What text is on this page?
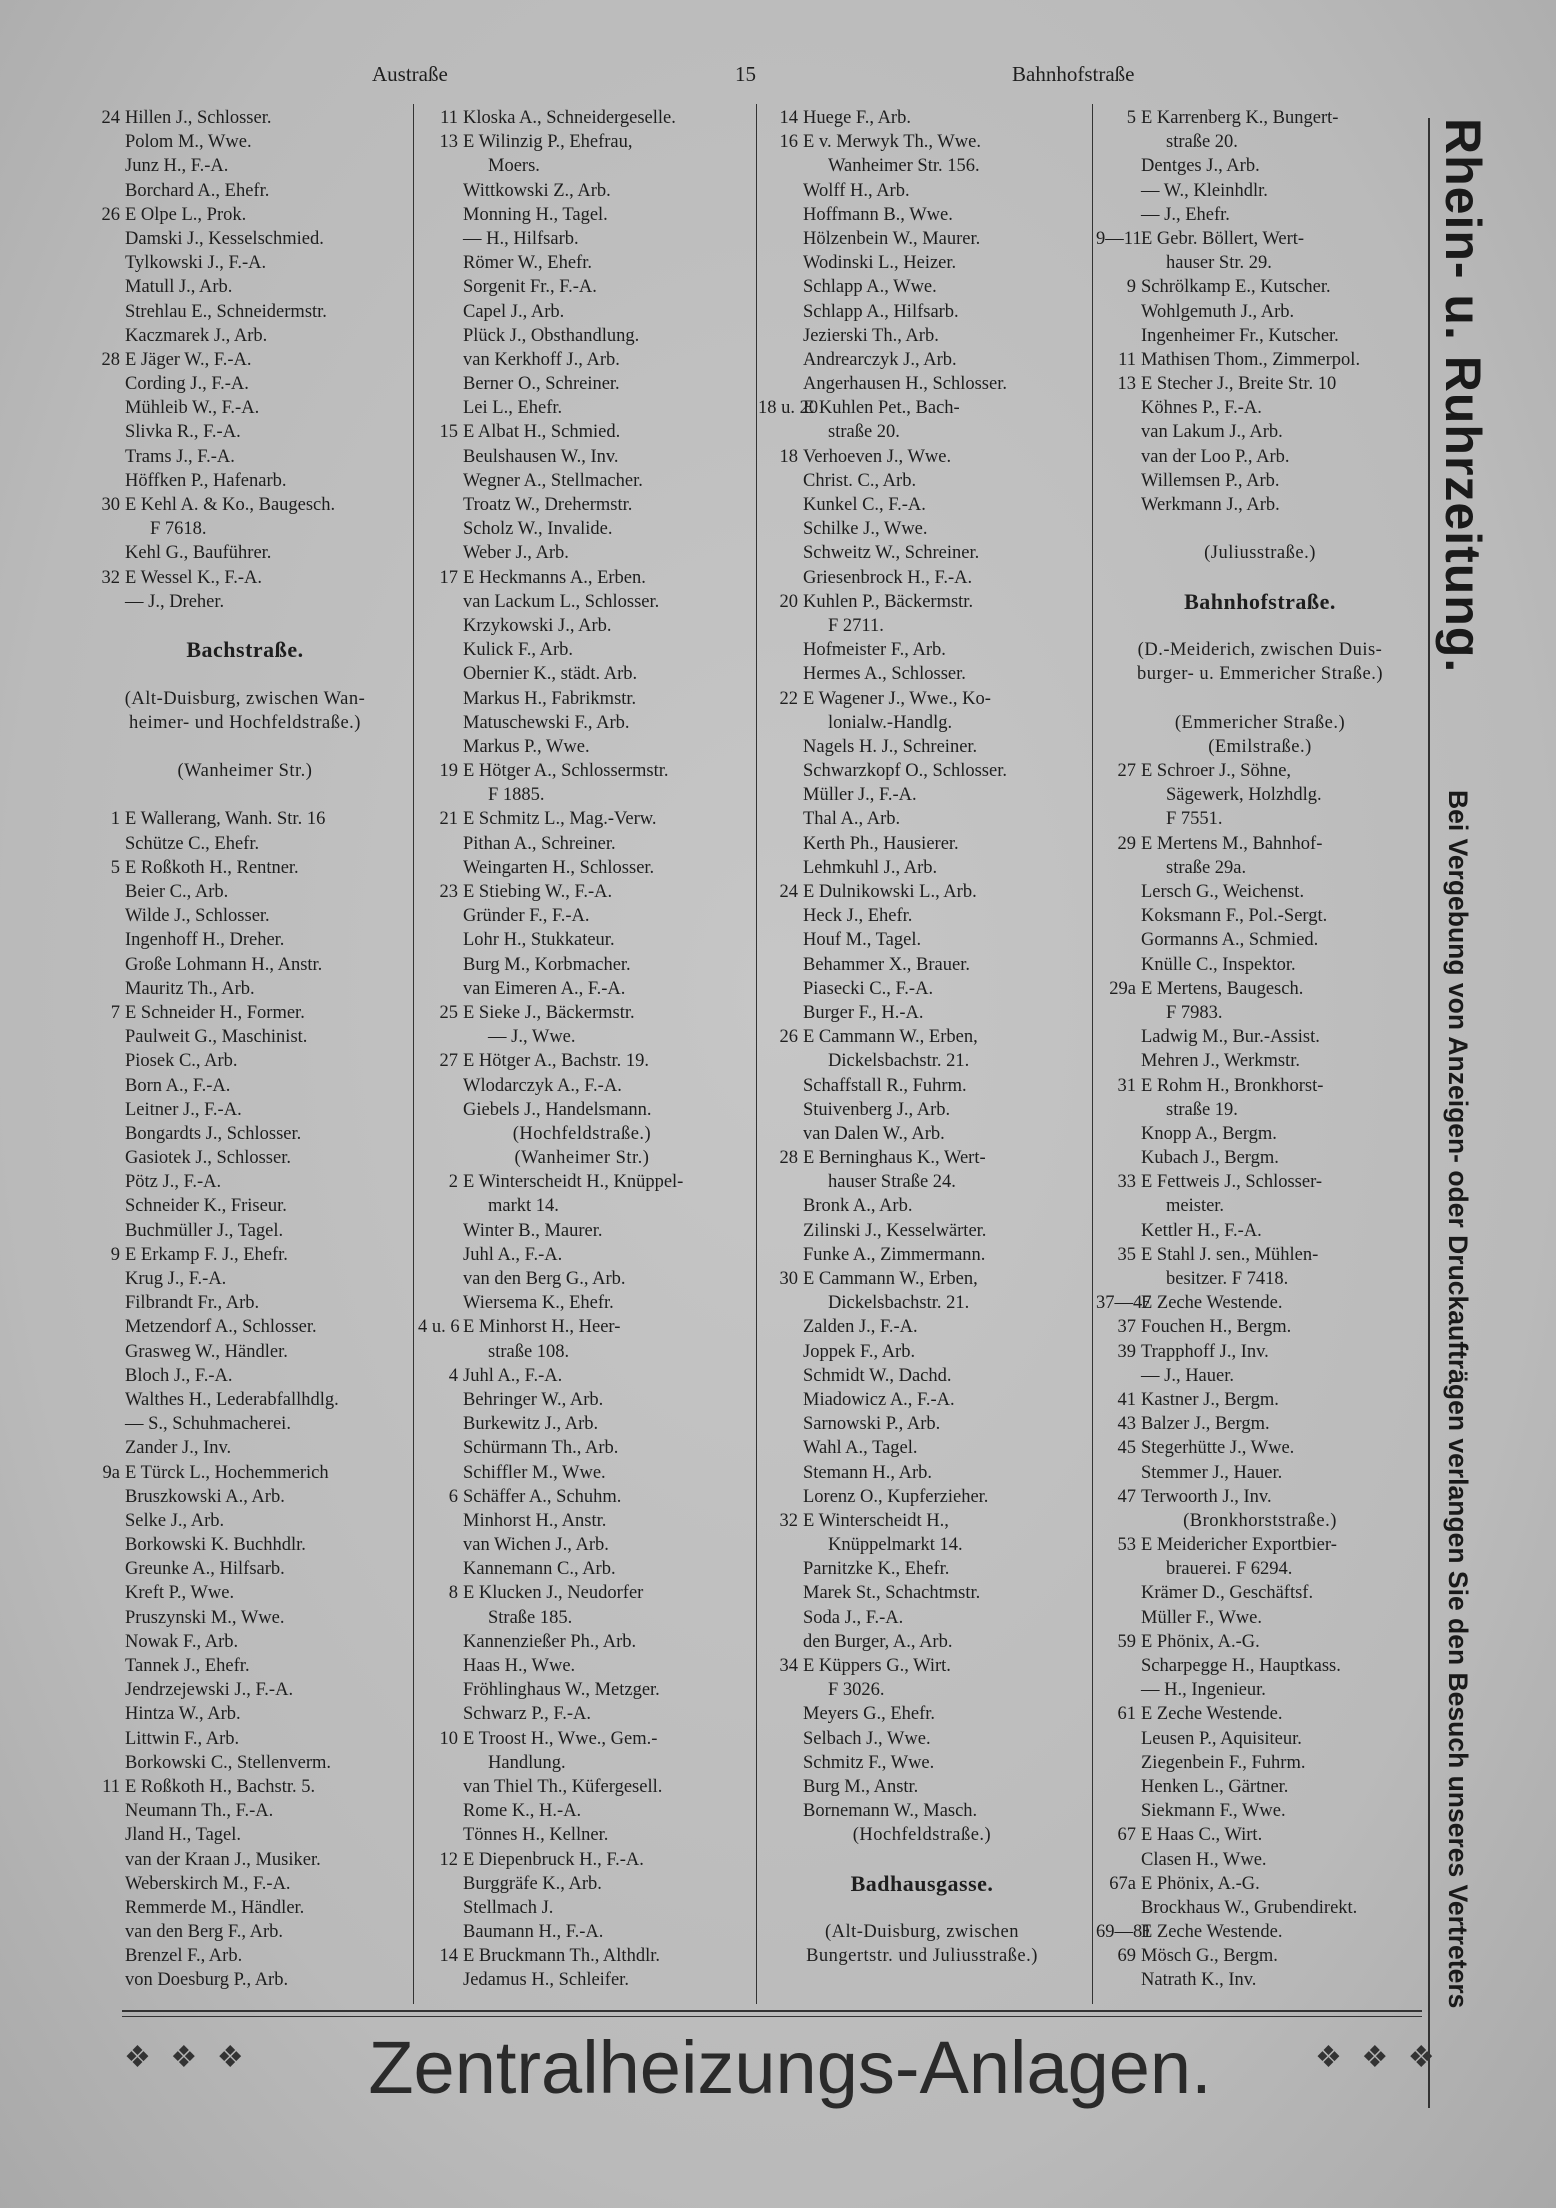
Austraße	15	Bahnhofstraße
24 Hillen J., Schlosser.
Polom M., Wwe.
Junz H., F.-A.
Borchard A., Ehefr.
26 E Olpe L., Prok.
Damski J., Kesselschmied.
Tylkowski J., F.-A.
Matull J., Arb.
Strehlau E., Schneidermstr.
Kaczmarek J., Arb.
28 E Jäger W., F.-A.
Cording J., F.-A.
Mühleib W., F.-A.
Slivka R., F.-A.
Trams J., F.-A.
Höffken P., Hafenarb.
30 E Kehl A. & Ko., Baugesch.
F 7618.
Kehl G., Bauführer.
32 E Wessel K., F.-A.
— J., Dreher.
Bachstraße.
(Alt-Duisburg, zwischen Wan-
heimer- und Hochfeldstraße.)
(Wanheimer Str.)
1 E Wallerang, Wanh. Str. 16
Schütze C., Ehefr.
5 E Roßkoth H., Rentner.
Beier C., Arb.
Wilde J., Schlosser.
Ingenhoff H., Dreher.
Große Lohmann H., Anstr.
Mauritz Th., Arb.
7 E Schneider H., Former.
Paulweit G., Maschinist.
Piosek C., Arb.
Born A., F.-A.
Leitner J., F.-A.
Bongardts J., Schlosser.
Gasiotek J., Schlosser.
Pötz J., F.-A.
Schneider K., Friseur.
Buchmüller J., Tagel.
9 E Erkamp F. J., Ehefr.
Krug J., F.-A.
Filbrandt Fr., Arb.
Metzendorf A., Schlosser.
Grasweg W., Händler.
Bloch J., F.-A.
Walthes H., Lederabfallhdlg.
— S., Schuhmacherei.
Zander J., Inv.
9a E Türck L., Hochemmerich
Bruszkowski A., Arb.
Selke J., Arb.
Borkowski K. Buchhdlr.
Greunke A., Hilfsarb.
Kreft P., Wwe.
Pruszynski M., Wwe.
Nowak F., Arb.
Tannek J., Ehefr.
Jendrzejewski J., F.-A.
Hintza W., Arb.
Littwin F., Arb.
Borkowski C., Stellenverm.
11 E Roßkoth H., Bachstr. 5.
Neumann Th., F.-A.
Jland H., Tagel.
van der Kraan J., Musiker.
Weberskirch M., F.-A.
Remmerde M., Händler.
van den Berg F., Arb.
Brenzel F., Arb.
von Doesburg P., Arb.
11 Kloska A., Schneidergeselle.
13 E Wilinzig P., Ehefrau,
Moers.
Wittkowski Z., Arb.
Monning H., Tagel.
— H., Hilfsarb.
Römer W., Ehefr.
Sorgenit Fr., F.-A.
Capel J., Arb.
Plück J., Obsthandlung.
van Kerkhoff J., Arb.
Berner O., Schreiner.
Lei L., Ehefr.
15 E Albat H., Schmied.
Beulshausen W., Inv.
Wegner A., Stellmacher.
Troatz W., Drehermstr.
Scholz W., Invalide.
Weber J., Arb.
17 E Heckmanns A., Erben.
van Lackum L., Schlosser.
Krzykowski J., Arb.
Kulick F., Arb.
Obernier K., städt. Arb.
Markus H., Fabrikmstr.
Matuschewski F., Arb.
Markus P., Wwe.
19 E Hötger A., Schlossermstr.
F 1885.
21 E Schmitz L., Mag.-Verw.
Pithan A., Schreiner.
Weingarten H., Schlosser.
23 E Stiebing W., F.-A.
Gründer F., F.-A.
Lohr H., Stukkateur.
Burg M., Korbmacher.
van Eimeren A., F.-A.
25 E Sieke J., Bäckermstr.
— J., Wwe.
27 E Hötger A., Bachstr. 19.
Wlodarczyk A., F.-A.
Giebels J., Handelsmann.
(Hochfeldstraße.)
(Wanheimer Str.)
2 E Winterscheidt H., Knüppel-
markt 14.
Winter B., Maurer.
Juhl A., F.-A.
van den Berg G., Arb.
Wiersema K., Ehefr.
4 u. 6 E Minhorst H., Heer-
straße 108.
4 Juhl A., F.-A.
Behringer W., Arb.
Burkewitz J., Arb.
Schürmann Th., Arb.
Schiffler M., Wwe.
6 Schäffer A., Schuhm.
Minhorst H., Anstr.
van Wichen J., Arb.
Kannemann C., Arb.
8 E Klucken J., Neudorfer
Straße 185.
Kannenzießer Ph., Arb.
Haas H., Wwe.
Fröhlinghaus W., Metzger.
Schwarz P., F.-A.
10 E Troost H., Wwe., Gem.-
Handlung.
van Thiel Th., Küfergesell.
Rome K., H.-A.
Tönnes H., Kellner.
12 E Diepenbruck H., F.-A.
Burggräfe K., Arb.
Stellmach J.
Baumann H., F.-A.
14 E Bruckmann Th., Althdlr.
Jedamus H., Schleifer.
14 Huege F., Arb.
16 E v. Merwyk Th., Wwe.
Wanheimer Str. 156.
Wolff H., Arb.
Hoffmann B., Wwe.
Hölzenbein W., Maurer.
Wodinski L., Heizer.
Schlapp A., Wwe.
Schlapp A., Hilfsarb.
Jezierski Th., Arb.
Andrearczyk J., Arb.
Angerhausen H., Schlosser.
18 u. 20E Kuhlen Pet., Bach-
straße 20.
18 Verhoeven J., Wwe.
Christ. C., Arb.
Kunkel C., F.-A.
Schilke J., Wwe.
Schweitz W., Schreiner.
Griesenbrock H., F.-A.
20 Kuhlen P., Bäckermstr.
F 2711.
Hofmeister F., Arb.
Hermes A., Schlosser.
22 E Wagener J., Wwe., Ko-
lonialw.-Handlg.
Nagels H. J., Schreiner.
Schwarzkopf O., Schlosser.
Müller J., F.-A.
Thal A., Arb.
Kerth Ph., Hausierer.
Lehmkuhl J., Arb.
24 E Dulnikowski L., Arb.
Heck J., Ehefr.
Houf M., Tagel.
Behammer X., Brauer.
Piasecki C., F.-A.
Burger F., H.-A.
26 E Cammann W., Erben,
Dickelsbachstr. 21.
Schaffstall R., Fuhrm.
Stuivenberg J., Arb.
van Dalen W., Arb.
28 E Berninghaus K., Wert-
hauser Straße 24.
Bronk A., Arb.
Zilinski J., Kesselwärter.
Funke A., Zimmermann.
30 E Cammann W., Erben,
Dickelsbachstr. 21.
Zalden J., F.-A.
Joppek F., Arb.
Schmidt W., Dachd.
Miadowicz A., F.-A.
Sarnowski P., Arb.
Wahl A., Tagel.
Stemann H., Arb.
Lorenz O., Kupferzieher.
32 E Winterscheidt H.,
Knüppelmarkt 14.
Parnitzke K., Ehefr.
Marek St., Schachtmstr.
Soda J., F.-A.
den Burger, A., Arb.
34 E Küppers G., Wirt.
F 3026.
Meyers G., Ehefr.
Selbach J., Wwe.
Schmitz F., Wwe.
Burg M., Anstr.
Bornemann W., Masch.
(Hochfeldstraße.)
Badhausgasse.
(Alt-Duisburg, zwischen
Bungertstr. und Juliusstraße.)
5 E Karrenberg K., Bungert-
straße 20.
Dentges J., Arb.
— W., Kleinhdlr.
— J., Ehefr.
9—11E Gebr. Böllert, Wert-
hauser Str. 29.
9 Schrölkamp E., Kutscher.
Wohlgemuth J., Arb.
Ingenheimer Fr., Kutscher.
11 Mathisen Thom., Zimmerpol.
13 E Stecher J., Breite Str. 10
Köhnes P., F.-A.
van Lakum J., Arb.
van der Loo P., Arb.
Willemsen P., Arb.
Werkmann J., Arb.
(Juliusstraße.)
Bahnhofstraße.
(D.-Meiderich, zwischen Duis-
burger- u. Emmericher Straße.)
(Emmericher Straße.)
(Emilstraße.)
27 E Schroer J., Söhne,
Sägewerk, Holzhdlg.
F 7551.
29 E Mertens M., Bahnhof-
straße 29a.
Lersch G., Weichenst.
Koksmann F., Pol.-Sergt.
Gormanns A., Schmied.
Knülle C., Inspektor.
29a E Mertens, Baugesch.
F 7983.
Ladwig M., Bur.-Assist.
Mehren J., Werkmstr.
31 E Rohm H., Bronkhorst-
straße 19.
Knopp A., Bergm.
Kubach J., Bergm.
33 E Fettweis J., Schlosser-
meister.
Kettler H., F.-A.
35 E Stahl J. sen., Mühlen-
besitzer. F 7418.
37—47E Zeche Westende.
37 Fouchen H., Bergm.
39 Trapphoff J., Inv.
— J., Hauer.
41 Kastner J., Bergm.
43 Balzer J., Bergm.
45 Stegerhütte J., Wwe.
Stemmer J., Hauer.
47 Terwoorth J., Inv.
(Bronkhorststraße.)
53 E Meidericher Exportbier-
brauerei. F 6294.
Krämer D., Geschäftsf.
Müller F., Wwe.
59 E Phönix, A.-G.
Scharpegge H., Hauptkass.
— H., Ingenieur.
61 E Zeche Westende.
Leusen P., Aquisiteur.
Ziegenbein F., Fuhrm.
Henken L., Gärtner.
Siekmann F., Wwe.
67 E Haas C., Wirt.
Clasen H., Wwe.
67a E Phönix, A.-G.
Brockhaus W., Grubendirekt.
69—81E Zeche Westende.
69 Mösch G., Bergm.
Natrath K., Inv.
Rhein- u. Ruhrzeitung.
Bei Vergebung von Anzeigen- oder Druckaufträgen verlangen Sie den Besuch unseres Vertreters
❖ ❖ ❖	❖ ❖ ❖
Zentralheizungs-Anlagen.
